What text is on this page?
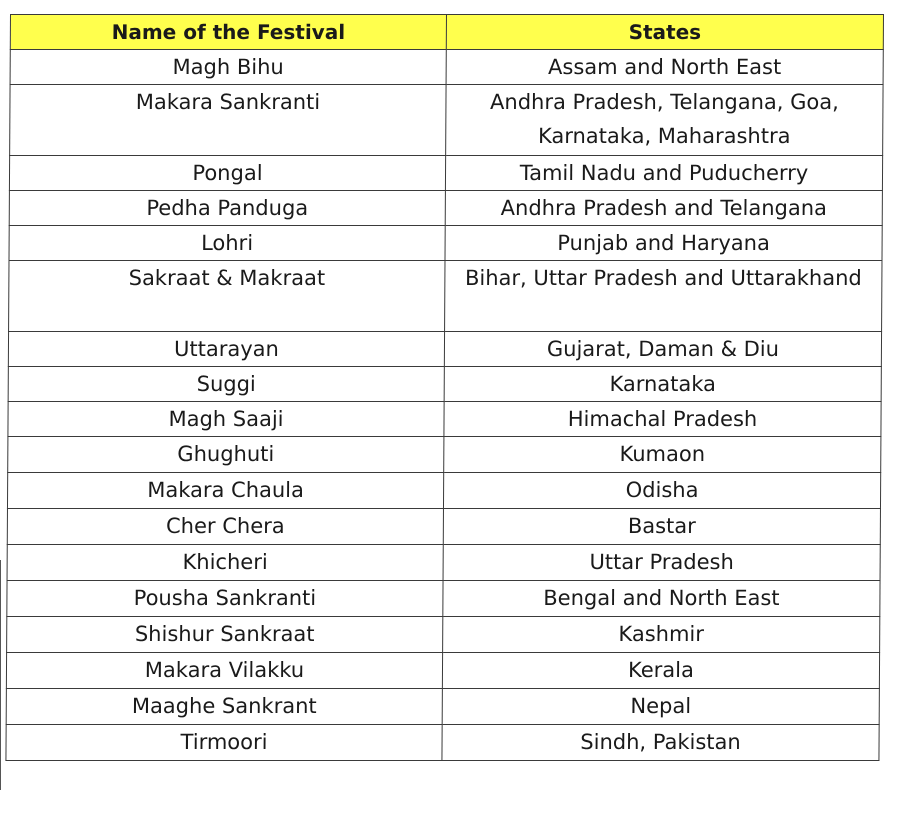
Name of the Festival	States
Magh Bihu	Assam and North East
Makara Sankranti	Andhra Pradesh, Telangana, Goa, Karnataka, Maharashtra
Pongal	Tamil Nadu and Puducherry
Pedha Panduga	Andhra Pradesh and Telangana
Lohri	Punjab and Haryana
Sakraat & Makraat	Bihar, Uttar Pradesh and Uttarakhand
Uttarayan	Gujarat, Daman & Diu
Suggi	Karnataka
Magh Saaji	Himachal Pradesh
Ghughuti	Kumaon
Makara Chaula	Odisha
Cher Chera	Bastar
Khicheri	Uttar Pradesh
Pousha Sankranti	Bengal and North East
Shishur Sankraat	Kashmir
Makara Vilakku	Kerala
Maaghe Sankrant	Nepal
Tirmoori	Sindh, Pakistan
